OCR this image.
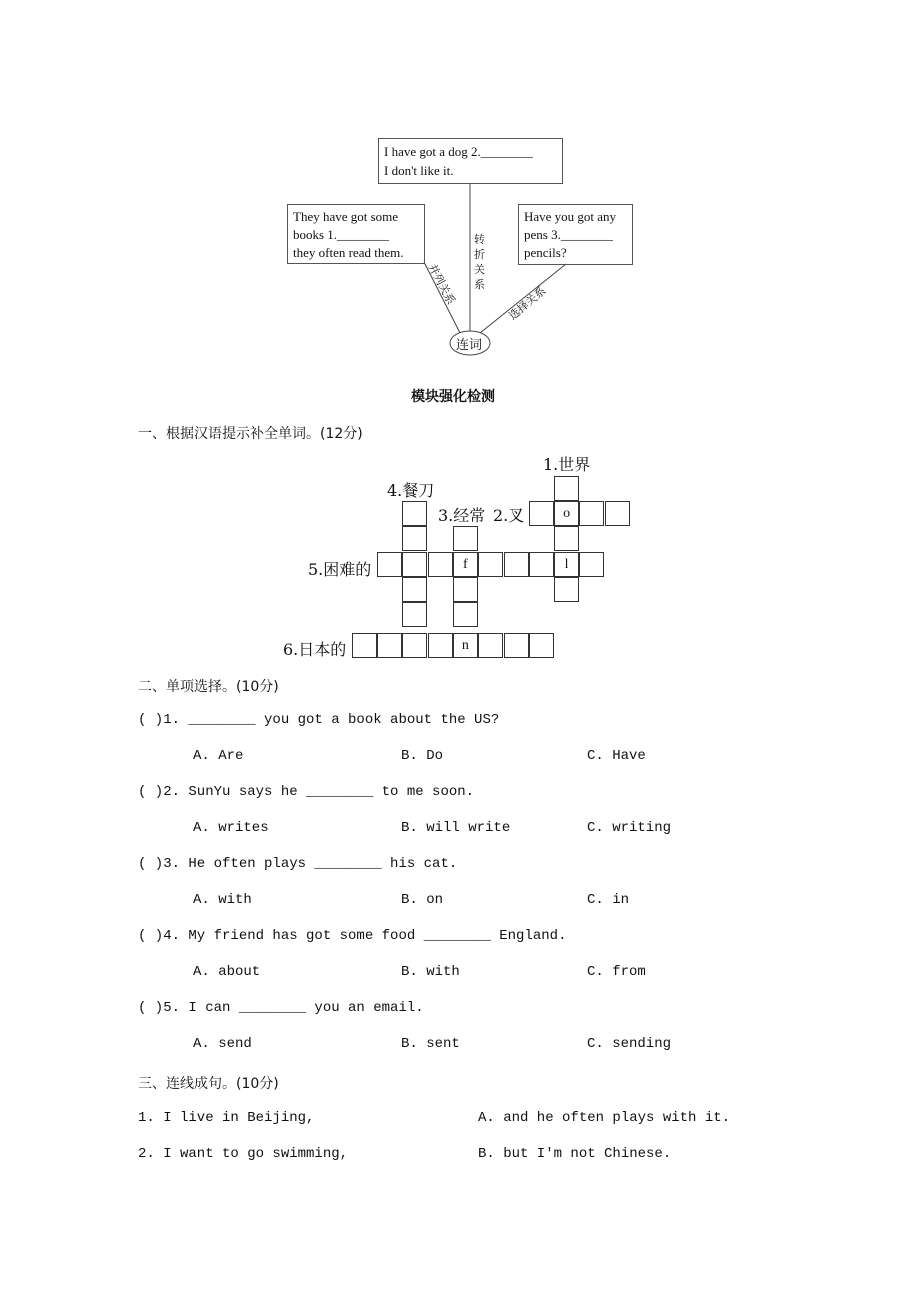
I have got a dog 2.________
I don't like it.
They have got some
books 1.________
they often read them.
Have you got any
pens 3.________
pencils?
连词
转折关系
并列关系	选择关系
模块强化检测
一、根据汉语提示补全单词。(12分)
1.世界
4.餐刀
3.经常 2.叉
5.困难的
6.日本的
f	l
o
n
二、单项选择。(10分)
( )1. ________ you got a book about the US?
A. Are	B. Do	C. Have
( )2. SunYu says he ________ to me soon.
A. writes	B. will write	C. writing
( )3. He often plays ________ his cat.
A. with	B. on	C. in
( )4. My friend has got some food ________ England.
A. about	B. with	C. from
( )5. I can ________ you an email.
A. send	B. sent	C. sending
三、连线成句。(10分)
1. I live in Beijing,	A. and he often plays with it.
2. I want to go swimming,	B. but I'm not Chinese.
